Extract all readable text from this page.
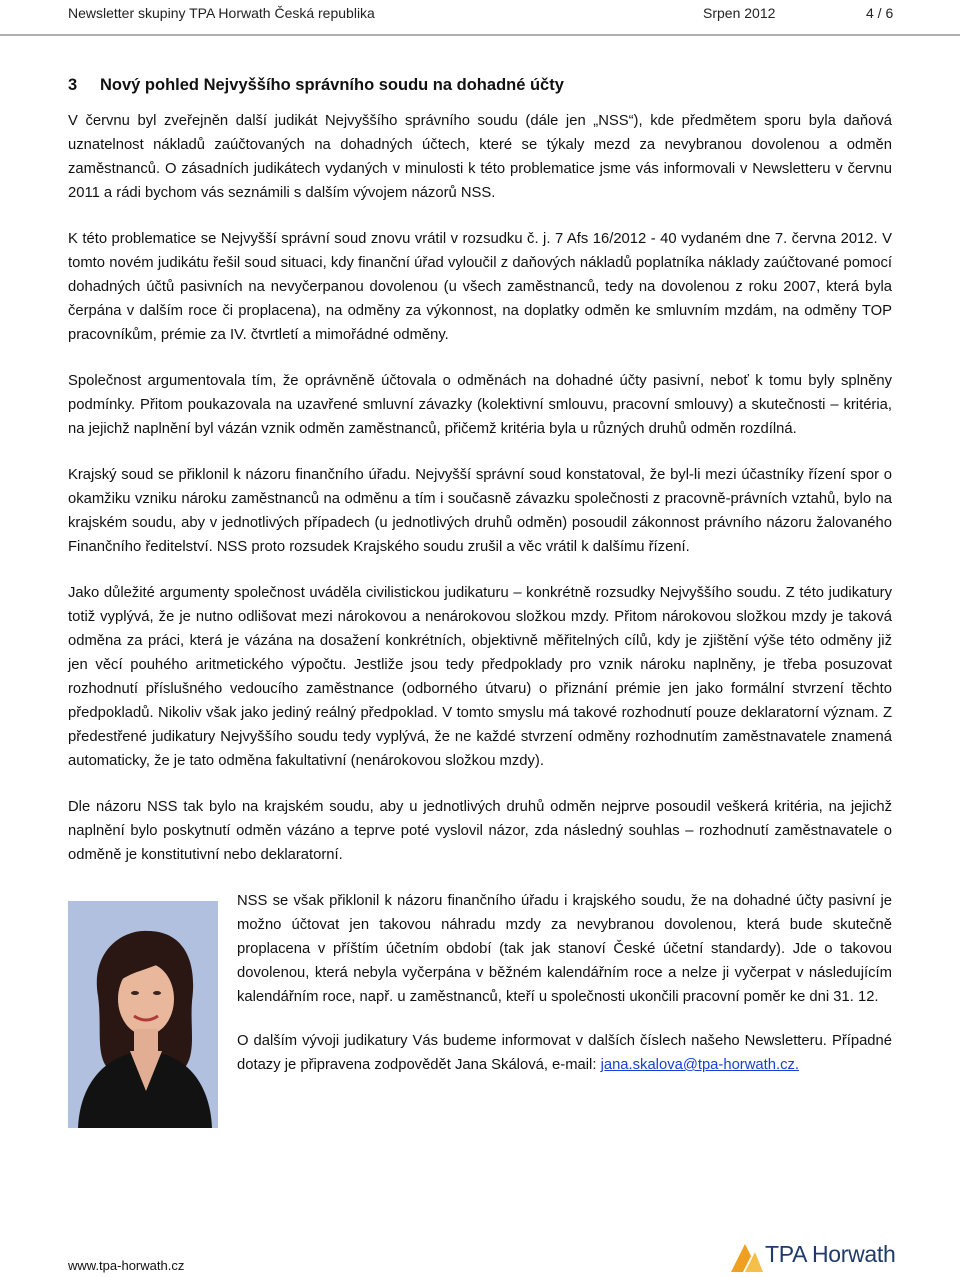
Newsletter skupiny TPA Horwath Česká republika	Srpen 2012	4 / 6
3	Nový pohled Nejvyššího správního soudu na dohadné účty

V červnu byl zveřejněn další judikát Nejvyššího správního soudu (dále jen „NSS“), kde předmětem sporu byla daňová uznatelnost nákladů zaúčtovaných na dohadných účtech, které se týkaly mezd za nevybranou dovolenou a odměn zaměstnanců. O zásadních judikátech vydaných v minulosti k této problematice jsme vás informovali v Newsletteru v červnu 2011 a rádi bychom vás seznámili s dalším vývojem názorů NSS.

K této problematice se Nejvyšší správní soud znovu vrátil v rozsudku č. j. 7 Afs 16/2012 - 40 vydaném dne 7. června 2012. V tomto novém judikátu řešil soud situaci, kdy finanční úřad vyloučil z daňových nákladů poplatníka náklady zaúčtované pomocí dohadných účtů pasivních na nevyčerpanou dovolenou (u všech zaměstnanců, tedy na dovolenou z roku 2007, která byla čerpána v dalším roce či proplacena), na odměny za výkonnost, na doplatky odměn ke smluvním mzdám, na odměny TOP pracovníkům, prémie za IV. čtvrtletí a mimořádné odměny.

Společnost argumentovala tím, že oprávněně účtovala o odměnách na dohadné účty pasivní, neboť k tomu byly splněny podmínky. Přitom poukazovala na uzavřené smluvní závazky (kolektivní smlouvu, pracovní smlouvy) a skutečnosti – kritéria, na jejichž naplnění byl vázán vznik odměn zaměstnanců, přičemž kritéria byla u různých druhů odměn rozdílná.

Krajský soud se přiklonil k názoru finančního úřadu. Nejvyšší správní soud konstatoval, že byl-li mezi účastníky řízení spor o okamžiku vzniku nároku zaměstnanců na odměnu a tím i současně závazku společnosti z pracovně-právních vztahů, bylo na krajském soudu, aby v jednotlivých případech (u jednotlivých druhů odměn) posoudil zákonnost právního názoru žalovaného Finančního ředitelství. NSS proto rozsudek Krajského soudu zrušil a věc vrátil k dalšímu řízení.

Jako důležité argumenty společnost uváděla civilistickou judikaturu – konkrétně rozsudky Nejvyššího soudu. Z této judikatury totiž vyplývá, že je nutno odlišovat mezi nárokovou a nenárokovou složkou mzdy. Přitom nárokovou složkou mzdy je taková odměna za práci, která je vázána na dosažení konkrétních, objektivně měřitelných cílů, kdy je zjištění výše této odměny již jen věcí pouhého aritmetického výpočtu. Jestliže jsou tedy předpoklady pro vznik nároku naplněny, je třeba posuzovat rozhodnutí příslušného vedoucího zaměstnance (odborného útvaru) o přiznání prémie jen jako formální stvrzení těchto předpokladů. Nikoliv však jako jediný reálný předpoklad. V tomto smyslu má takové rozhodnutí pouze deklaratorní význam. Z předestřené judikatury Nejvyššího soudu tedy vyplývá, že ne každé stvrzení odměny rozhodnutím zaměstnavatele znamená automaticky, že je tato odměna fakultativní (nenárokovou složkou mzdy).

Dle názoru NSS tak bylo na krajském soudu, aby u jednotlivých druhů odměn nejprve posoudil veškerá kritéria, na jejichž naplnění bylo poskytnutí odměn vázáno a teprve poté vyslovil názor, zda následný souhlas – rozhodnutí zaměstnavatele o odměně je konstitutivní nebo deklaratorní.

NSS se však přiklonil k názoru finančního úřadu i krajského soudu, že na dohadné účty pasivní je možno účtovat jen takovou náhradu mzdy za nevybranou dovolenou, která bude skutečně proplacena v příštím účetním období (tak jak stanoví České účetní standardy). Jde o takovou dovolenou, která nebyla vyčerpána v běžném kalendářním roce a nelze ji vyčerpat v následujícím kalendářním roce, např. u zaměstnanců, kteří u společnosti ukončili pracovní poměr ke dni 31. 12.

O dalším vývoji judikatury Vás budeme informovat v dalších číslech našeho Newsletteru. Případné dotazy je připravena zodpovědět Jana Skálová, e-mail: jana.skalova@tpa-horwath.cz.

www.tpa-horwath.cz	TPA Horwath
